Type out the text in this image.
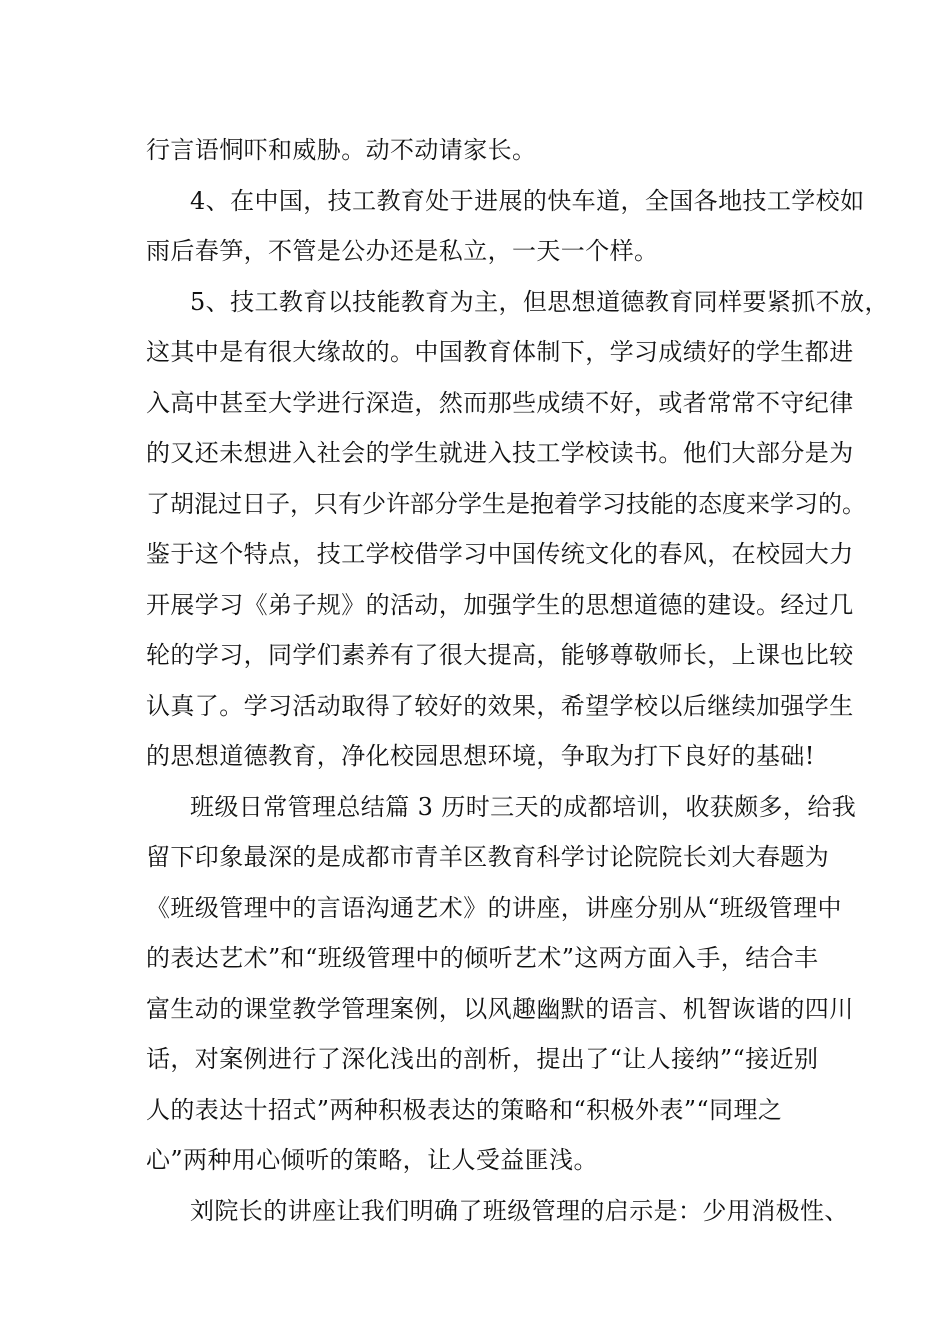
行言语恫吓和威胁。动不动请家长。
4、在中国，技工教育处于进展的快车道，全国各地技工学校如
雨后春笋，不管是公办还是私立，一天一个样。
5、技工教育以技能教育为主，但思想道德教育同样要紧抓不放，
这其中是有很大缘故的。中国教育体制下，学习成绩好的学生都进
入高中甚至大学进行深造，然而那些成绩不好，或者常常不守纪律
的又还未想进入社会的学生就进入技工学校读书。他们大部分是为
了胡混过日子，只有少许部分学生是抱着学习技能的态度来学习的。
鉴于这个特点，技工学校借学习中国传统文化的春风，在校园大力
开展学习《弟子规》的活动，加强学生的思想道德的建设。经过几
轮的学习，同学们素养有了很大提高，能够尊敬师长，上课也比较
认真了。学习活动取得了较好的效果，希望学校以后继续加强学生
的思想道德教育，净化校园思想环境，争取为打下良好的基础!
班级日常管理总结篇 3 历时三天的成都培训，收获颇多，给我
留下印象最深的是成都市青羊区教育科学讨论院院长刘大春题为
《班级管理中的言语沟通艺术》的讲座，讲座分别从“班级管理中
的表达艺术”和“班级管理中的倾听艺术”这两方面入手，结合丰
富生动的课堂教学管理案例，以风趣幽默的语言、机智诙谐的四川
话，对案例进行了深化浅出的剖析，提出了“让人接纳”“接近别
人的表达十招式”两种积极表达的策略和“积极外表”“同理之
心”两种用心倾听的策略，让人受益匪浅。
刘院长的讲座让我们明确了班级管理的启示是：少用消极性、
